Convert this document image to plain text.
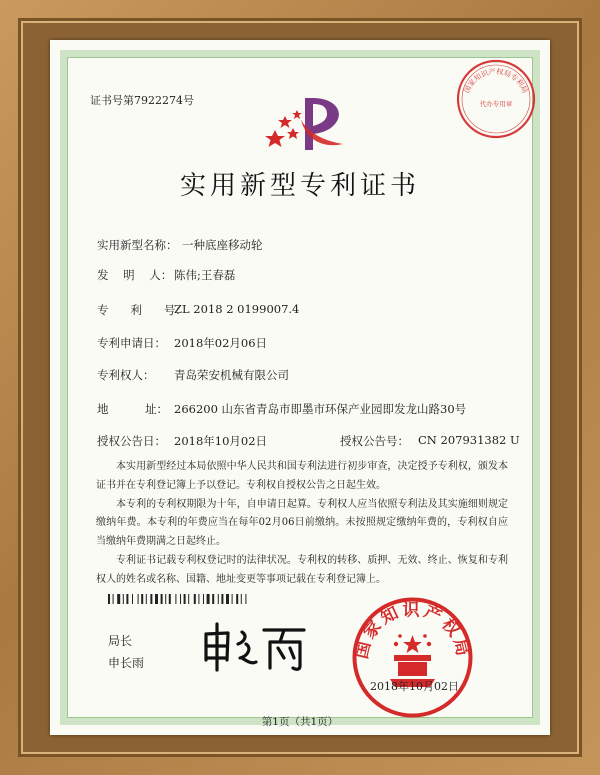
证书号第7922274号
国家知识产权局专利局
代办专用章
实用新型专利证书
实用新型名称： 一种底座移动轮
发    明    人： 陈伟;王春磊
专      利      号：
ZL 2018 2 0199007.4
专利申请日： 2018年02月06日
专利权人： 青岛荣安机械有限公司
地          址： 266200 山东省青岛市即墨市环保产业园即发龙山路30号
授权公告日： 2018年10月02日	授权公告号： CN 207931382 U

本实用新型经过本局依照中华人民共和国专利法进行初步审查，决定授予专利权，颁发本证书并在专利登记簿上予以登记。专利权自授权公告之日起生效。

本专利的专利权期限为十年，自申请日起算。专利权人应当依照专利法及其实施细则规定缴纳年费。本专利的年费应当在每年02月06日前缴纳。未按照规定缴纳年费的，专利权自应当缴纳年费期满之日起终止。

专利证书记载专利权登记时的法律状况。专利权的转移、质押、无效、终止、恢复和专利权人的姓名或名称、国籍、地址变更等事项记载在专利登记簿上。

局长
申长雨
国家知识产权局
2018年10月02日
第1页（共1页）
